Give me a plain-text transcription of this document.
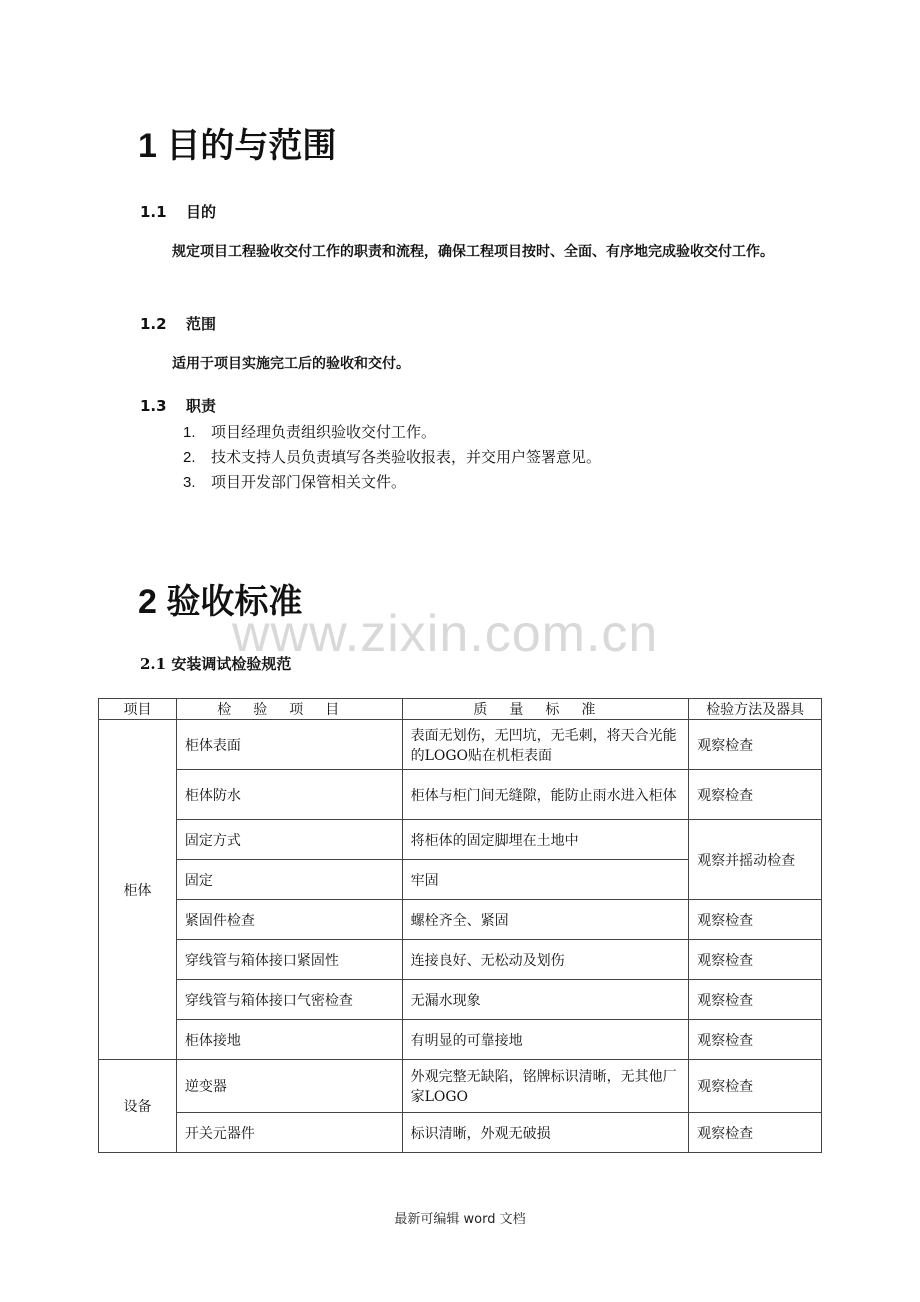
1 目的与范围
1.1 目的
规定项目工程验收交付工作的职责和流程，确保工程项目按时、全面、有序地完成验收交付工作。
1.2 范围
适用于项目实施完工后的验收和交付。
1.3 职责
1. 项目经理负责组织验收交付工作。
2. 技术支持人员负责填写各类验收报表，并交用户签署意见。
3. 项目开发部门保管相关文件。
2 验收标准
www.zixin.com.cn
2.1 安装调试检验规范
项目	检验项目	质量标准	检验方法及器具
柜体	柜体表面	表面无划伤，无凹坑，无毛刺，将天合光能的LOGO贴在机柜表面	观察检查
	柜体防水	柜体与柜门间无缝隙，能防止雨水进入柜体	观察检查
	固定方式	将柜体的固定脚埋在土地中	观察并摇动检查
	固定	牢固	
	紧固件检查	螺栓齐全、紧固	观察检查
	穿线管与箱体接口紧固性	连接良好、无松动及划伤	观察检查
	穿线管与箱体接口气密检查	无漏水现象	观察检查
	柜体接地	有明显的可靠接地	观察检查
设备	逆变器	外观完整无缺陷，铭牌标识清晰，无其他厂家LOGO	观察检查
	开关元器件	标识清晰，外观无破损	观察检查
最新可编辑 word 文档
